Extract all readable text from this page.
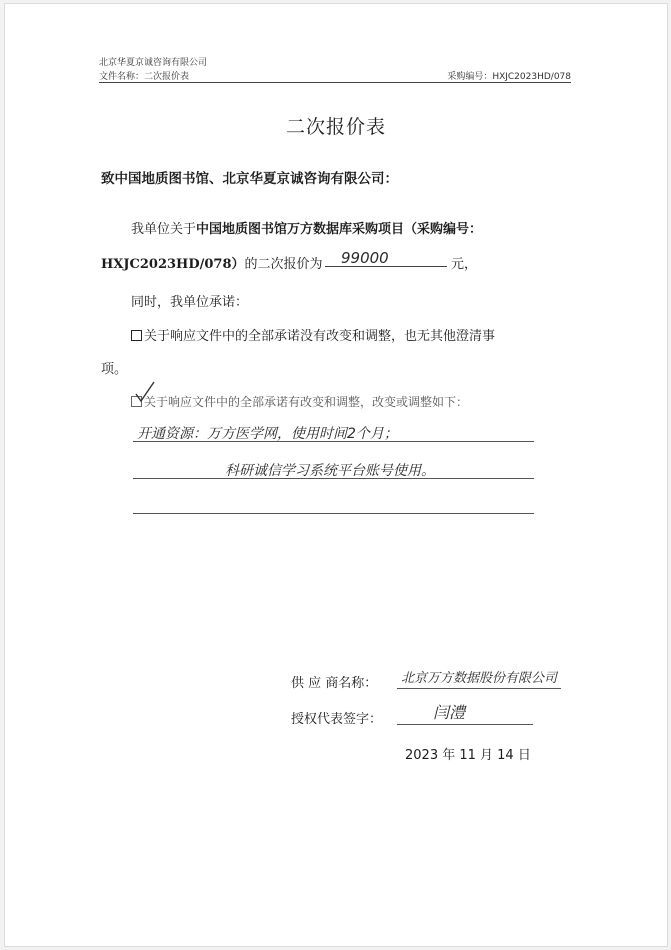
北京华夏京诚咨询有限公司
文件名称：二次报价表	采购编号：HXJC2023HD/078
二次报价表
致中国地质图书馆、北京华夏京诚咨询有限公司：
我单位关于中国地质图书馆万方数据库采购项目（采购编号：
HXJC2023HD/078）的二次报价为 99000	元，
同时，我单位承诺：
关于响应文件中的全部承诺没有改变和调整，也无其他澄清事
项。
关于响应文件中的全部承诺有改变和调整，改变或调整如下：
开通资源：万方医学网，使用时间2个月；
科研诚信学习系统平台账号使用。
供 应 商名称： 北京万方数据股份有限公司
授权代表签字：	闫澧
2023 年 11 月 14 日
